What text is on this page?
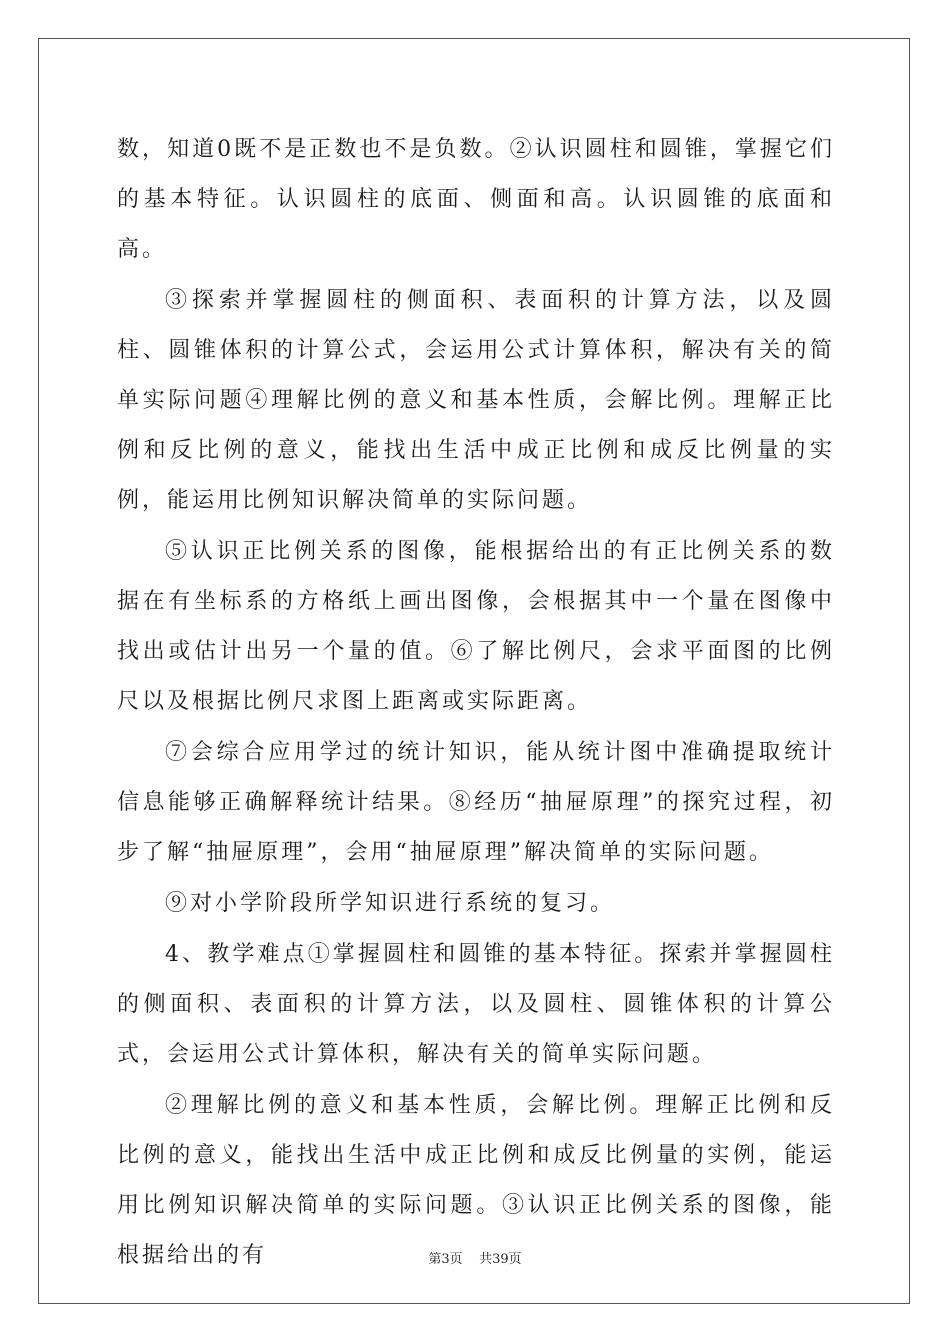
数，知道0既不是正数也不是负数。②认识圆柱和圆锥，掌握它们的基本特征。认识圆柱的底面、侧面和高。认识圆锥的底面和高。

③探索并掌握圆柱的侧面积、表面积的计算方法，以及圆柱、圆锥体积的计算公式，会运用公式计算体积，解决有关的简单实际问题④理解比例的意义和基本性质，会解比例。理解正比例和反比例的意义，能找出生活中成正比例和成反比例量的实例，能运用比例知识解决简单的实际问题。

⑤认识正比例关系的图像，能根据给出的有正比例关系的数据在有坐标系的方格纸上画出图像，会根据其中一个量在图像中找出或估计出另一个量的值。⑥了解比例尺，会求平面图的比例尺以及根据比例尺求图上距离或实际距离。

⑦会综合应用学过的统计知识，能从统计图中准确提取统计信息能够正确解释统计结果。⑧经历“抽屉原理”的探究过程，初步了解“抽屉原理”，会用“抽屉原理”解决简单的实际问题。

⑨对小学阶段所学知识进行系统的复习。

4、教学难点①掌握圆柱和圆锥的基本特征。探索并掌握圆柱的侧面积、表面积的计算方法，以及圆柱、圆锥体积的计算公式，会运用公式计算体积，解决有关的简单实际问题。

②理解比例的意义和基本性质，会解比例。理解正比例和反比例的意义，能找出生活中成正比例和成反比例量的实例，能运用比例知识解决简单的实际问题。③认识正比例关系的图像，能根据给出的有	第3页 共39页
